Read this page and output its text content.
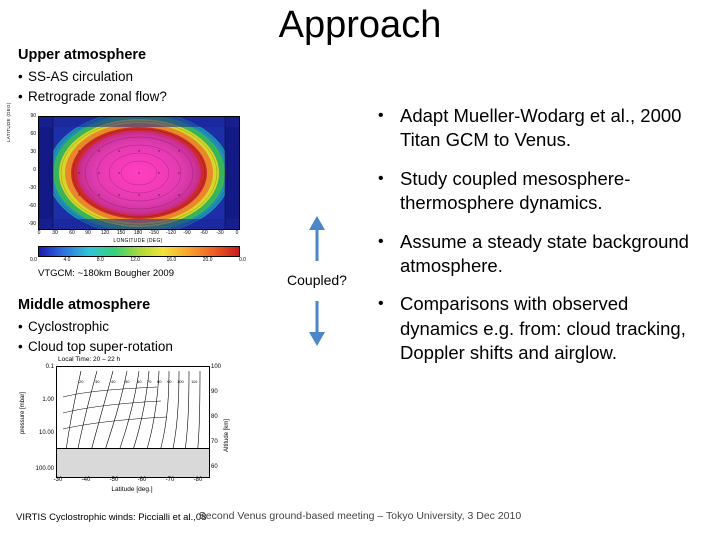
Approach
Upper atmosphere
• SS-AS circulation
• Retrograde zonal flow?
LATITUDE (DEG)	90
60
30
0
-30
-60
-90
0	30	60	90	120	150	180	-150	-120	-90	-60	-30	0
LONGITUDE (DEG)
0.0	4.0	8.0	12.0	16.0	20.0	0.0
VTGCM: ~180km Bougher 2009
Middle atmosphere
• Cyclostrophic
• Cloud top super-rotation
Local Time: 20 – 22 h
pressure [mbar]
Altitude [km]
0.1
1.00
10.00
100.00
100
90
80
70
60
20	30	40 50 60 70 80 90 100 110
-30	-40	-50	-60	-70	-80
Latitude [deg.]
VIRTIS Cyclostrophic winds: Piccialli et al.,08
Coupled?
• Adapt Mueller-Wodarg et al., 2000 Titan GCM to Venus.
• Study coupled mesosphere-thermosphere dynamics.
• Assume a steady state background atmosphere.
• Comparisons with observed dynamics e.g. from: cloud tracking, Doppler shifts and airglow.
Second Venus ground-based meeting – Tokyo University, 3 Dec 2010
